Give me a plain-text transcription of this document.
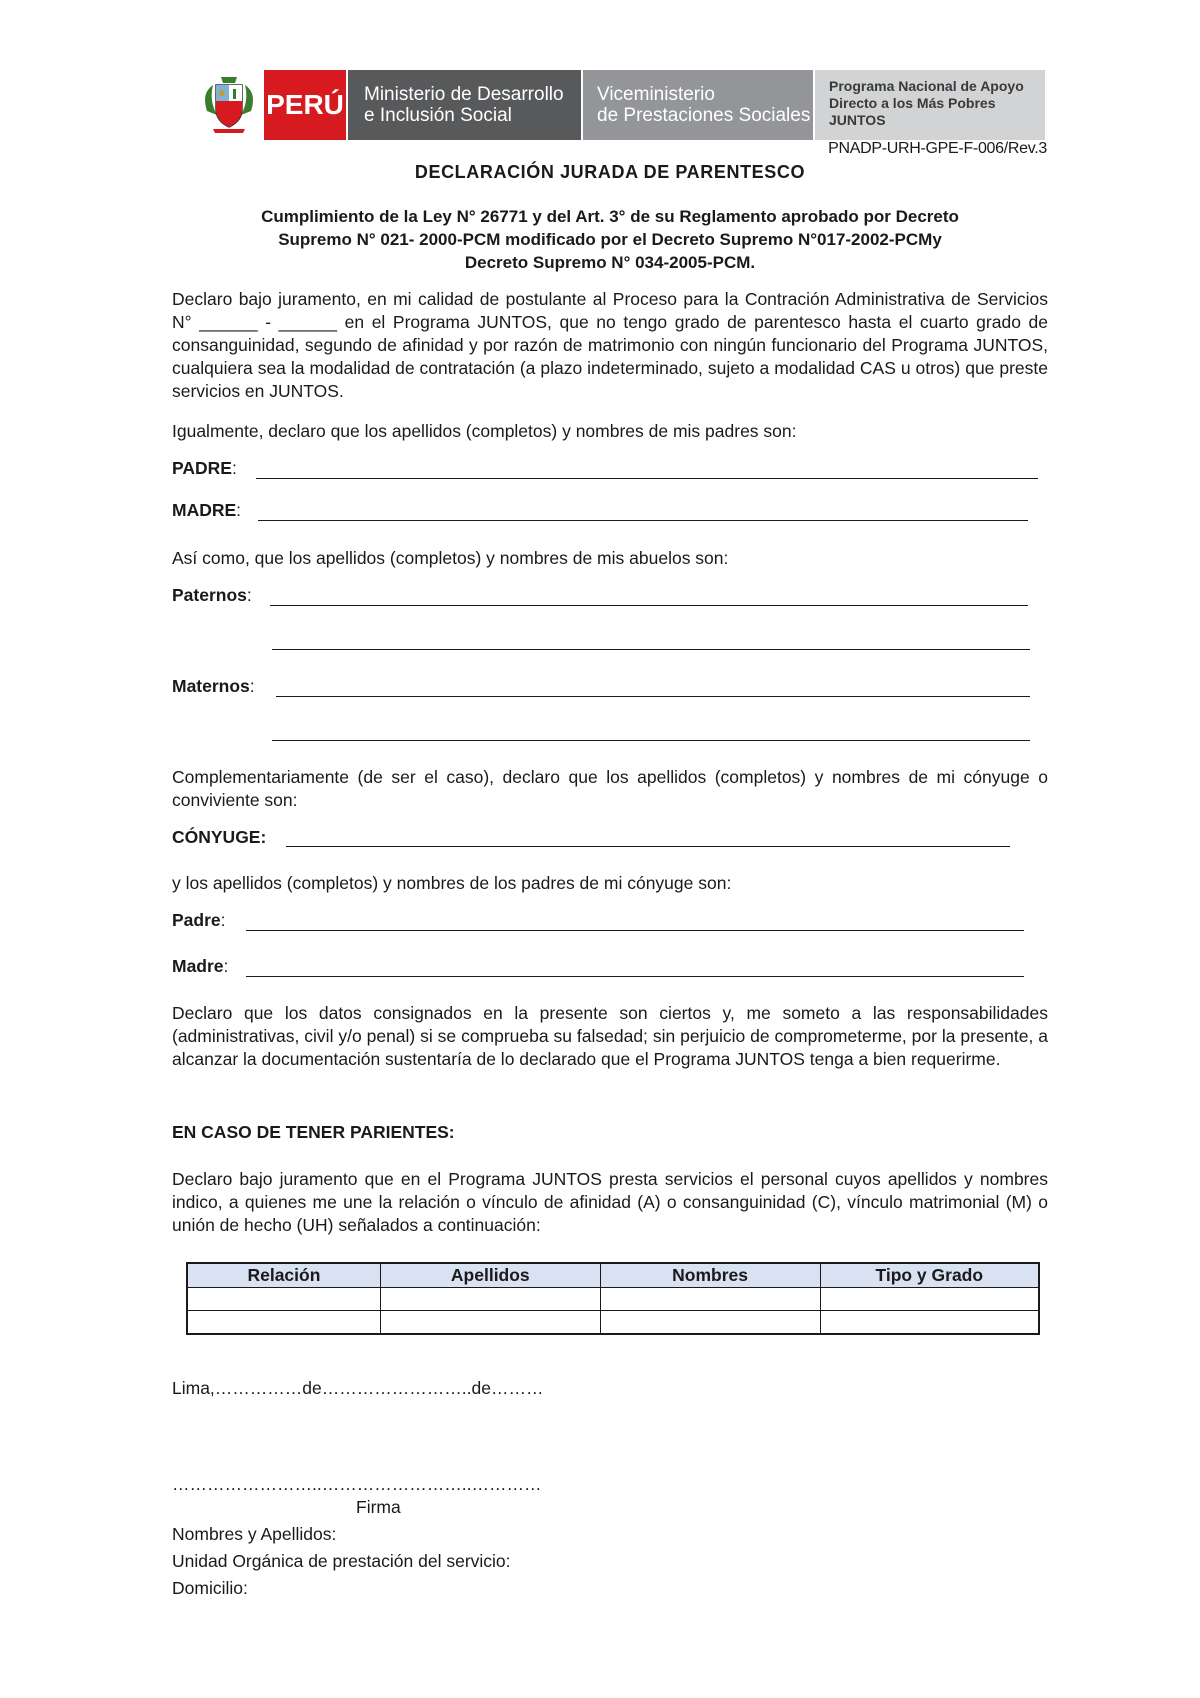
PERÚ Ministerio de Desarrollo
e Inclusión Social
Viceministerio
de Prestaciones Sociales
Programa Nacional de Apoyo
Directo a los Más Pobres
JUNTOS
PNADP-URH-GPE-F-006/Rev.3
DECLARACIÓN JURADA DE PARENTESCO
Cumplimiento de la Ley N° 26771 y del Art. 3° de su Reglamento aprobado por Decreto
Supremo N° 021- 2000-PCM modificado por el Decreto Supremo N°017-2002-PCMy
Decreto Supremo N° 034-2005-PCM.
Declaro bajo juramento, en mi calidad de postulante al Proceso para la Contración Administrativa de Servicios N° ______ - ______ en el Programa JUNTOS, que no tengo grado de parentesco hasta el cuarto grado de consanguinidad, segundo de afinidad y por razón de matrimonio con ningún funcionario del Programa JUNTOS, cualquiera sea la modalidad de contratación (a plazo indeterminado, sujeto a modalidad CAS u otros) que preste servicios en JUNTOS.
Igualmente, declaro que los apellidos (completos) y nombres de mis padres son:
PADRE:
MADRE:
Así como, que los apellidos (completos) y nombres de mis abuelos son:
Paternos:
Maternos:
Complementariamente (de ser el caso), declaro que los apellidos (completos) y nombres de mi cónyuge o conviviente son:
CÓNYUGE:
y los apellidos (completos) y nombres de los padres de mi cónyuge son:
Padre:
Madre:
Declaro que los datos consignados en la presente son ciertos y, me someto a las responsabilidades (administrativas, civil y/o penal) si se comprueba su falsedad; sin perjuicio de comprometerme, por la presente, a alcanzar la documentación sustentaría de lo declarado que el Programa JUNTOS tenga a bien requerirme.
EN CASO DE TENER PARIENTES:
Declaro bajo juramento que en el Programa JUNTOS presta servicios el personal cuyos apellidos y nombres indico, a quienes me une la relación o vínculo de afinidad (A) o consanguinidad (C), vínculo matrimonial (M) o unión de hecho (UH) señalados a continuación:
Relación	Apellidos	Nombres	Tipo y Grado

Lima,……………de……………………..de………
……………………..……………………..…………
Firma
Nombres y Apellidos:
Unidad Orgánica de prestación del servicio:
Domicilio:
